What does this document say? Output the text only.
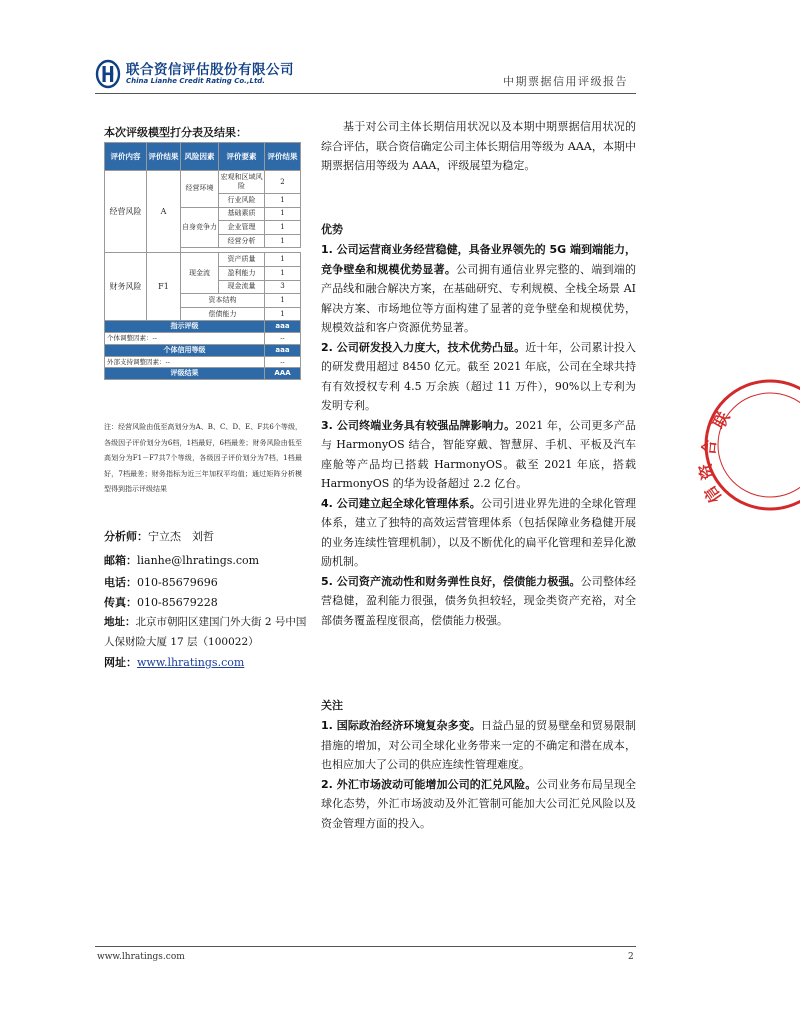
联合资信评估股份有限公司
China Lianhe Credit Rating Co.,Ltd.	中期票据信用评级报告
本次评级模型打分表及结果：
评价内容	评价结果	风险因素	评价要素	评价结果
经营风险	A	经营环境	宏观和区域风险	2
			行业风险	1
		自身竞争力	基础素质	1
			企业管理	1
			经营分析	1

财务风险	F1	现金流	资产质量	1
			盈利能力	1
			现金流量	3
		资本结构		1
		偿债能力		1
指示评级				aaa
个体调整因素：--				--
个体信用等级				aaa
外部支持调整因素：--				--
评级结果				AAA
注：经营风险由低至高划分为A、B、C、D、E、F共6个等级，各级因子评价划分为6档，1档最好，6档最差；财务风险由低至高划分为F1－F7共7个等级，各级因子评价划分为7档，1档最好，7档最差；财务指标为近三年加权平均值；通过矩阵分析模型得到指示评级结果
分析师：宁立杰　刘哲
邮箱：lianhe@lhratings.com
电话：010-85679696
传真：010-85679228
地址：北京市朝阳区建国门外大街 2 号中国人保财险大厦 17 层（100022）
网址：www.lhratings.com

基于对公司主体长期信用状况以及本期中期票据信用状况的综合评估，联合资信确定公司主体长期信用等级为 AAA，本期中期票据信用等级为 AAA，评级展望为稳定。

优势

1. 公司运营商业务经营稳健，具备业界领先的 5G 端到端能力，竞争壁垒和规模优势显著。公司拥有通信业界完整的、端到端的产品线和融合解决方案，在基础研究、专利规模、全栈全场景 AI 解决方案、市场地位等方面构建了显著的竞争壁垒和规模优势，规模效益和客户资源优势显著。

2. 公司研发投入力度大，技术优势凸显。近十年，公司累计投入的研发费用超过 8450 亿元。截至 2021 年底，公司在全球共持有有效授权专利 4.5 万余族（超过 11 万件），90%以上专利为发明专利。

3. 公司终端业务具有较强品牌影响力。2021 年，公司更多产品与 HarmonyOS 结合，智能穿戴、智慧屏、手机、平板及汽车座舱等产品均已搭载 HarmonyOS。截至 2021 年底，搭载 HarmonyOS 的华为设备超过 2.2 亿台。

4. 公司建立起全球化管理体系。公司引进业界先进的全球化管理体系，建立了独特的高效运营管理体系（包括保障业务稳健开展的业务连续性管理机制），以及不断优化的扁平化管理和差异化激励机制。

5. 公司资产流动性和财务弹性良好，偿债能力极强。公司整体经营稳健，盈利能力很强，债务负担较轻，现金类资产充裕，对全部债务覆盖程度很高，偿债能力极强。

关注

1. 国际政治经济环境复杂多变。日益凸显的贸易壁垒和贸易限制措施的增加，对公司全球化业务带来一定的不确定和潜在成本，也相应加大了公司的供应连续性管理难度。

2. 外汇市场波动可能增加公司的汇兑风险。公司业务布局呈现全球化态势，外汇市场波动及外汇管制可能加大公司汇兑风险以及资金管理方面的投入。

联
合
资
信
www.lhratings.com	2
